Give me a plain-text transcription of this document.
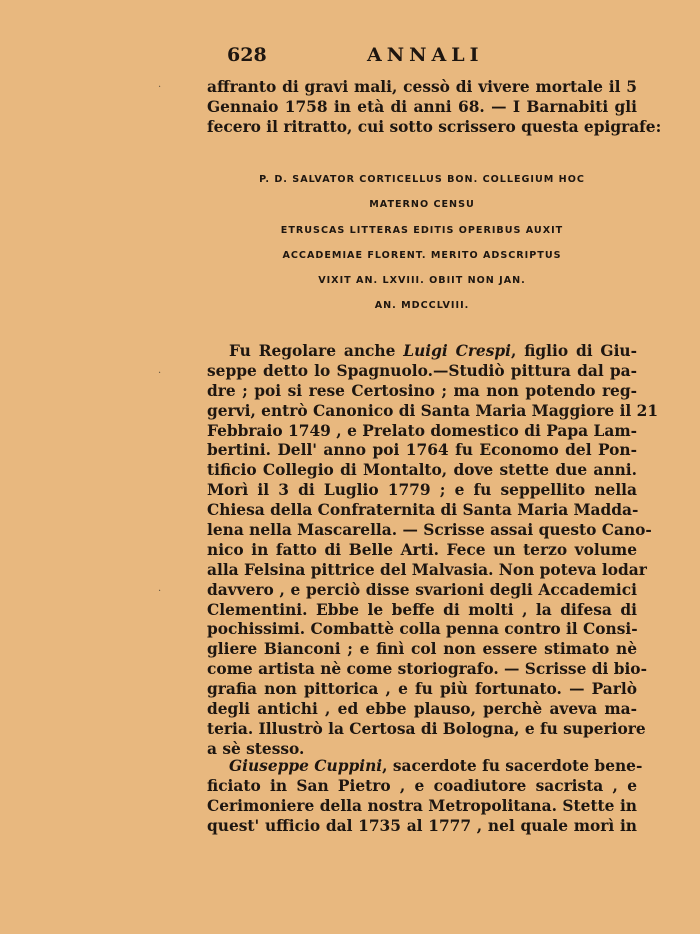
628	ANNALI
affranto di gravi mali, cessò di vivere mortale il 5
Gennaio 1758 in età di anni 68. — I Barnabiti gli
fecero il ritratto, cui sotto scrissero questa epigrafe:
P. D. SALVATOR CORTICELLUS BON. COLLEGIUM HOC
MATERNO CENSU
ETRUSCAS LITTERAS EDITIS OPERIBUS AUXIT
ACCADEMIAE FLORENT. MERITO ADSCRIPTUS
VIXIT AN. LXVIII. OBIIT NON JAN.
AN. MDCCLVIII.
Fu Regolare anche Luigi Crespi, figlio di Giu-
seppe detto lo Spagnuolo.—Studiò pittura dal pa-
dre ; poi si rese Certosino ; ma non potendo reg-
gervi, entrò Canonico di Santa Maria Maggiore il 21
Febbraio 1749 , e Prelato domestico di Papa Lam-
bertini. Dell' anno poi 1764 fu Economo del Pon-
tificio Collegio di Montalto, dove stette due anni.
Morì il 3 di Luglio 1779 ; e fu seppellito nella
Chiesa della Confraternita di Santa Maria Madda-
lena nella Mascarella. — Scrisse assai questo Cano-
nico in fatto di Belle Arti. Fece un terzo volume
alla Felsina pittrice del Malvasia. Non poteva lodar
davvero , e perciò disse svarioni degli Accademici
Clementini. Ebbe le beffe di molti , la difesa di
pochissimi. Combattè colla penna contro il Consi-
gliere Bianconi ; e finì col non essere stimato nè
come artista nè come storiografo. — Scrisse di bio-
grafia non pittorica , e fu più fortunato. — Parlò
degli antichi , ed ebbe plauso, perchè aveva ma-
teria. Illustrò la Certosa di Bologna, e fu superiore
a sè stesso.
Giuseppe Cuppini, sacerdote fu sacerdote bene-
ficiato in San Pietro , e coadiutore sacrista , e
Cerimoniere della nostra Metropolitana. Stette in
quest' ufficio dal 1735 al 1777 , nel quale morì in
·
·
·
